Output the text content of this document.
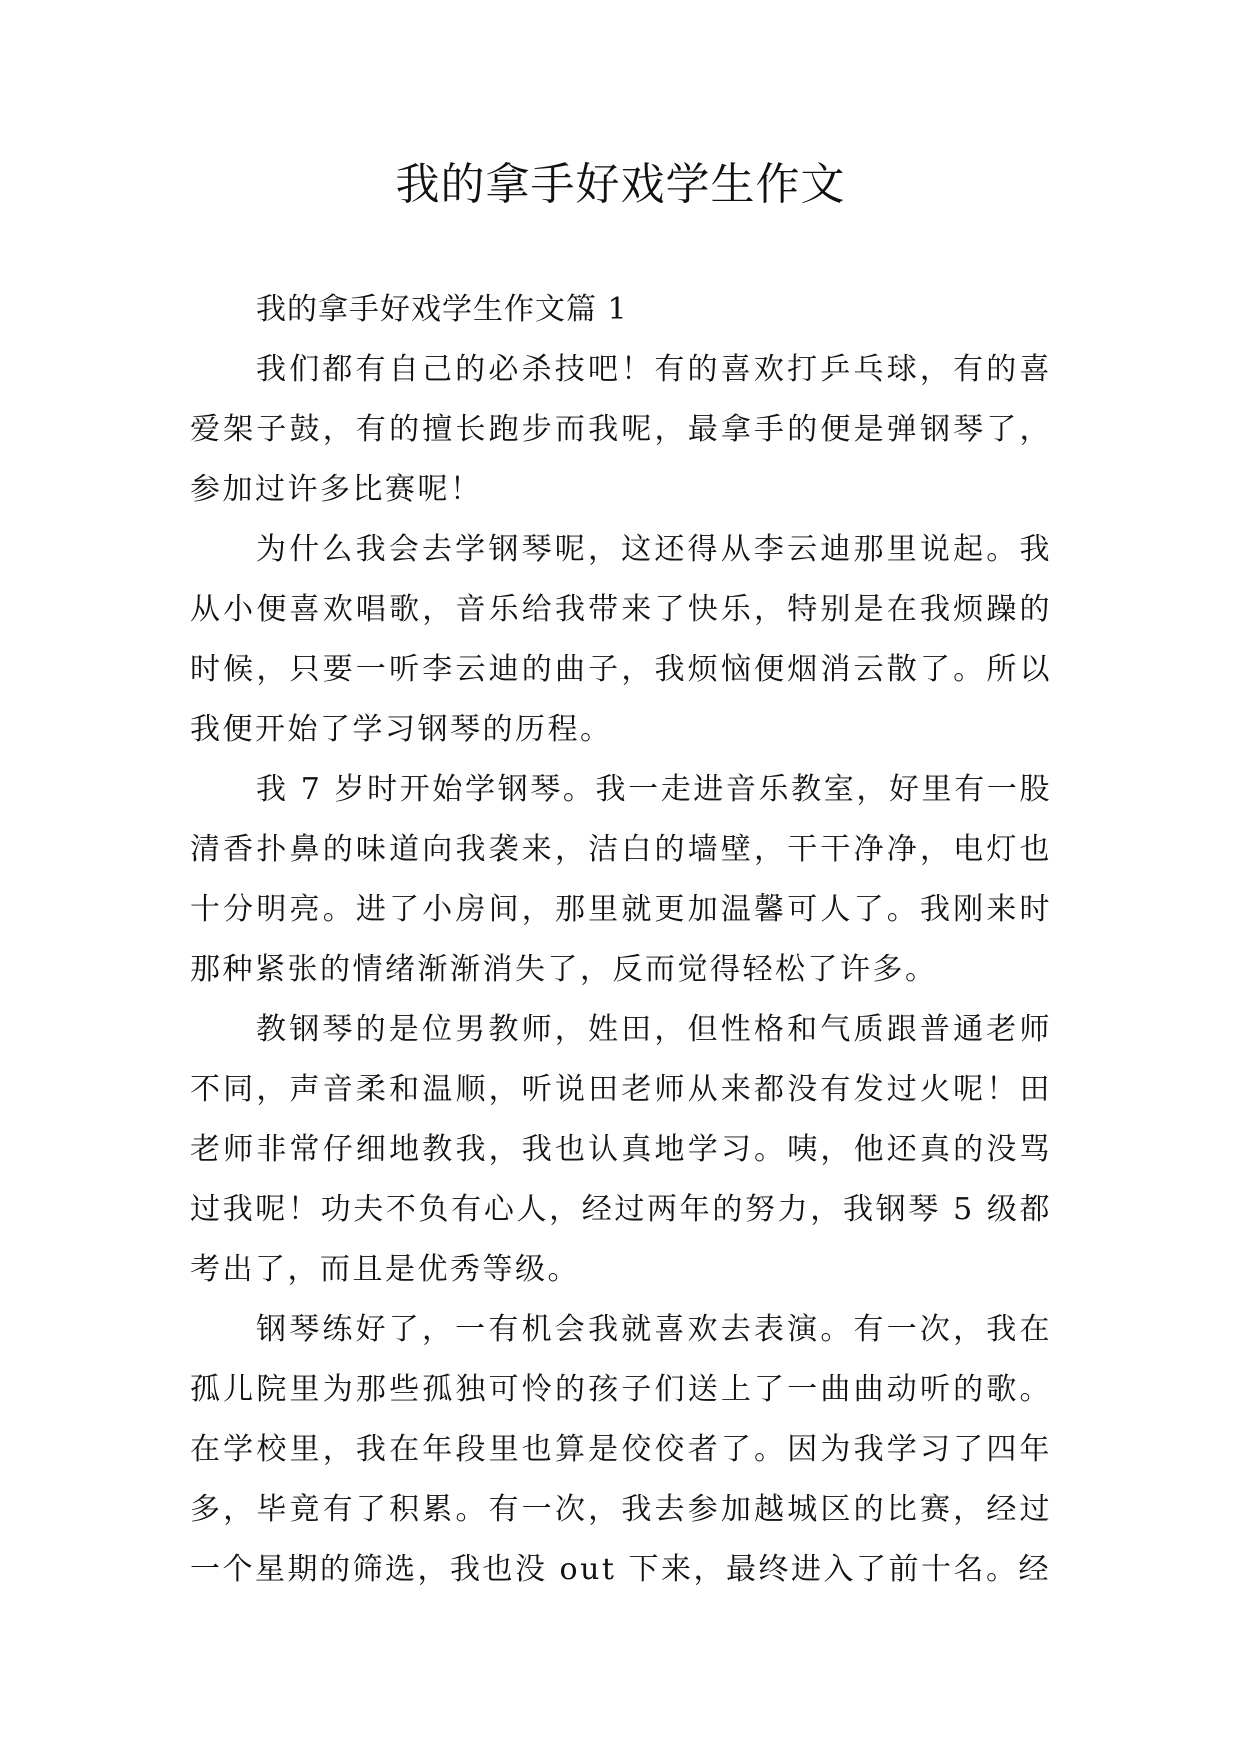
我的拿手好戏学生作文

我的拿手好戏学生作文篇 1

我们都有自己的必杀技吧！有的喜欢打乒乓球，有的喜爱架子鼓，有的擅长跑步而我呢，最拿手的便是弹钢琴了，参加过许多比赛呢！

为什么我会去学钢琴呢，这还得从李云迪那里说起。我从小便喜欢唱歌，音乐给我带来了快乐，特别是在我烦躁的时候，只要一听李云迪的曲子，我烦恼便烟消云散了。所以我便开始了学习钢琴的历程。

我 7 岁时开始学钢琴。我一走进音乐教室，好里有一股清香扑鼻的味道向我袭来，洁白的墙壁，干干净净，电灯也十分明亮。进了小房间，那里就更加温馨可人了。我刚来时那种紧张的情绪渐渐消失了，反而觉得轻松了许多。

教钢琴的是位男教师，姓田，但性格和气质跟普通老师不同，声音柔和温顺，听说田老师从来都没有发过火呢！田老师非常仔细地教我，我也认真地学习。咦，他还真的没骂过我呢！功夫不负有心人，经过两年的努力，我钢琴 5 级都考出了，而且是优秀等级。

钢琴练好了，一有机会我就喜欢去表演。有一次，我在孤儿院里为那些孤独可怜的孩子们送上了一曲曲动听的歌。在学校里，我在年段里也算是佼佼者了。因为我学习了四年多，毕竟有了积累。有一次，我去参加越城区的比赛，经过一个星期的筛选，我也没 out 下来，最终进入了前十名。经
